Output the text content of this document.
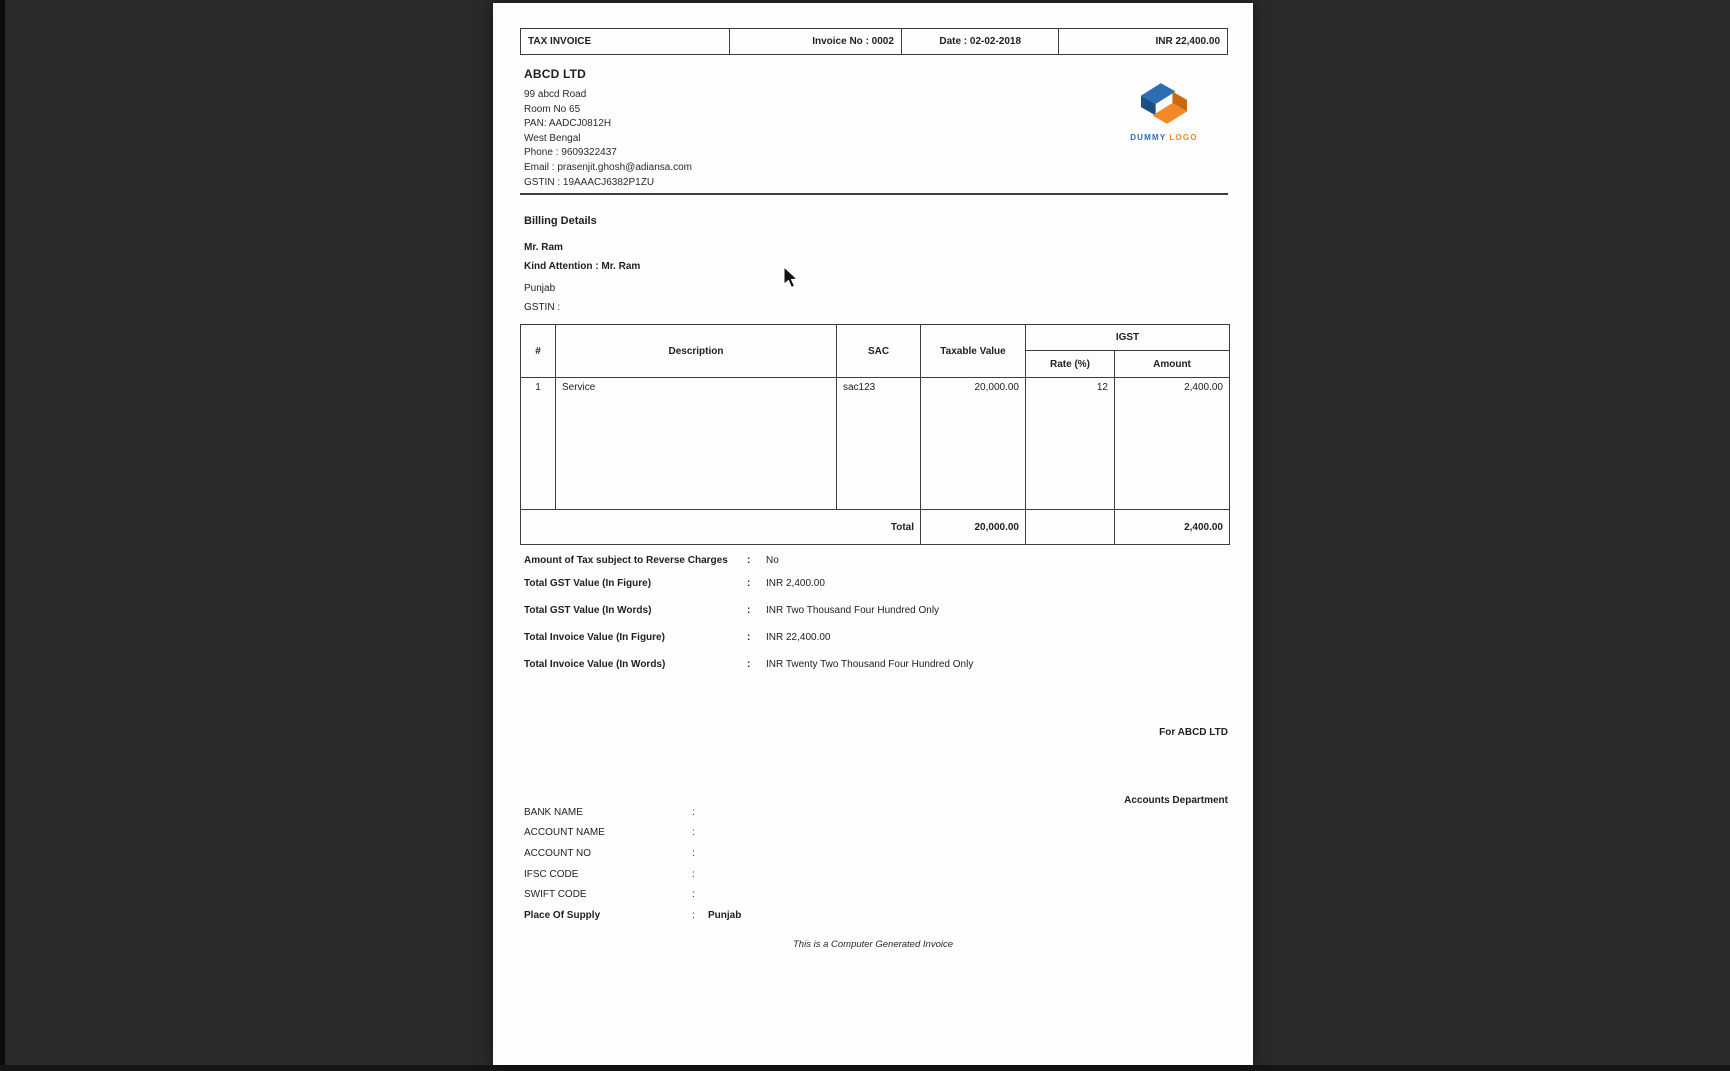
TAX INVOICE	Invoice No : 0002	Date : 02-02-2018	INR 22,400.00
ABCD LTD
99 abcd Road
Room No 65
PAN: AADCJ0812H
West Bengal
Phone : 9609322437
Email : prasenjit.ghosh@adiansa.com
GSTIN : 19AAACJ6382P1ZU
DUMMY LOGO
Billing Details
Mr. Ram
Kind Attention : Mr. Ram
Punjab
GSTIN :
#	Description	SAC	Taxable Value	IGST	
				Rate (%)	Amount
1	Service	sac123	20,000.00	12	2,400.00
Total			20,000.00		2,400.00
Amount of Tax subject to Reverse Charges : No
Total GST Value (In Figure)	: INR 2,400.00
Total GST Value (In Words)	: INR Two Thousand Four Hundred Only
Total Invoice Value (In Figure)	: INR 22,400.00
Total Invoice Value (In Words)	: INR Twenty Two Thousand Four Hundred Only
For ABCD LTD
Accounts Department
BANK NAME	:
ACCOUNT NAME	:
ACCOUNT NO	:
IFSC CODE	:
SWIFT CODE	:
Place Of Supply	: Punjab
This is a Computer Generated Invoice
